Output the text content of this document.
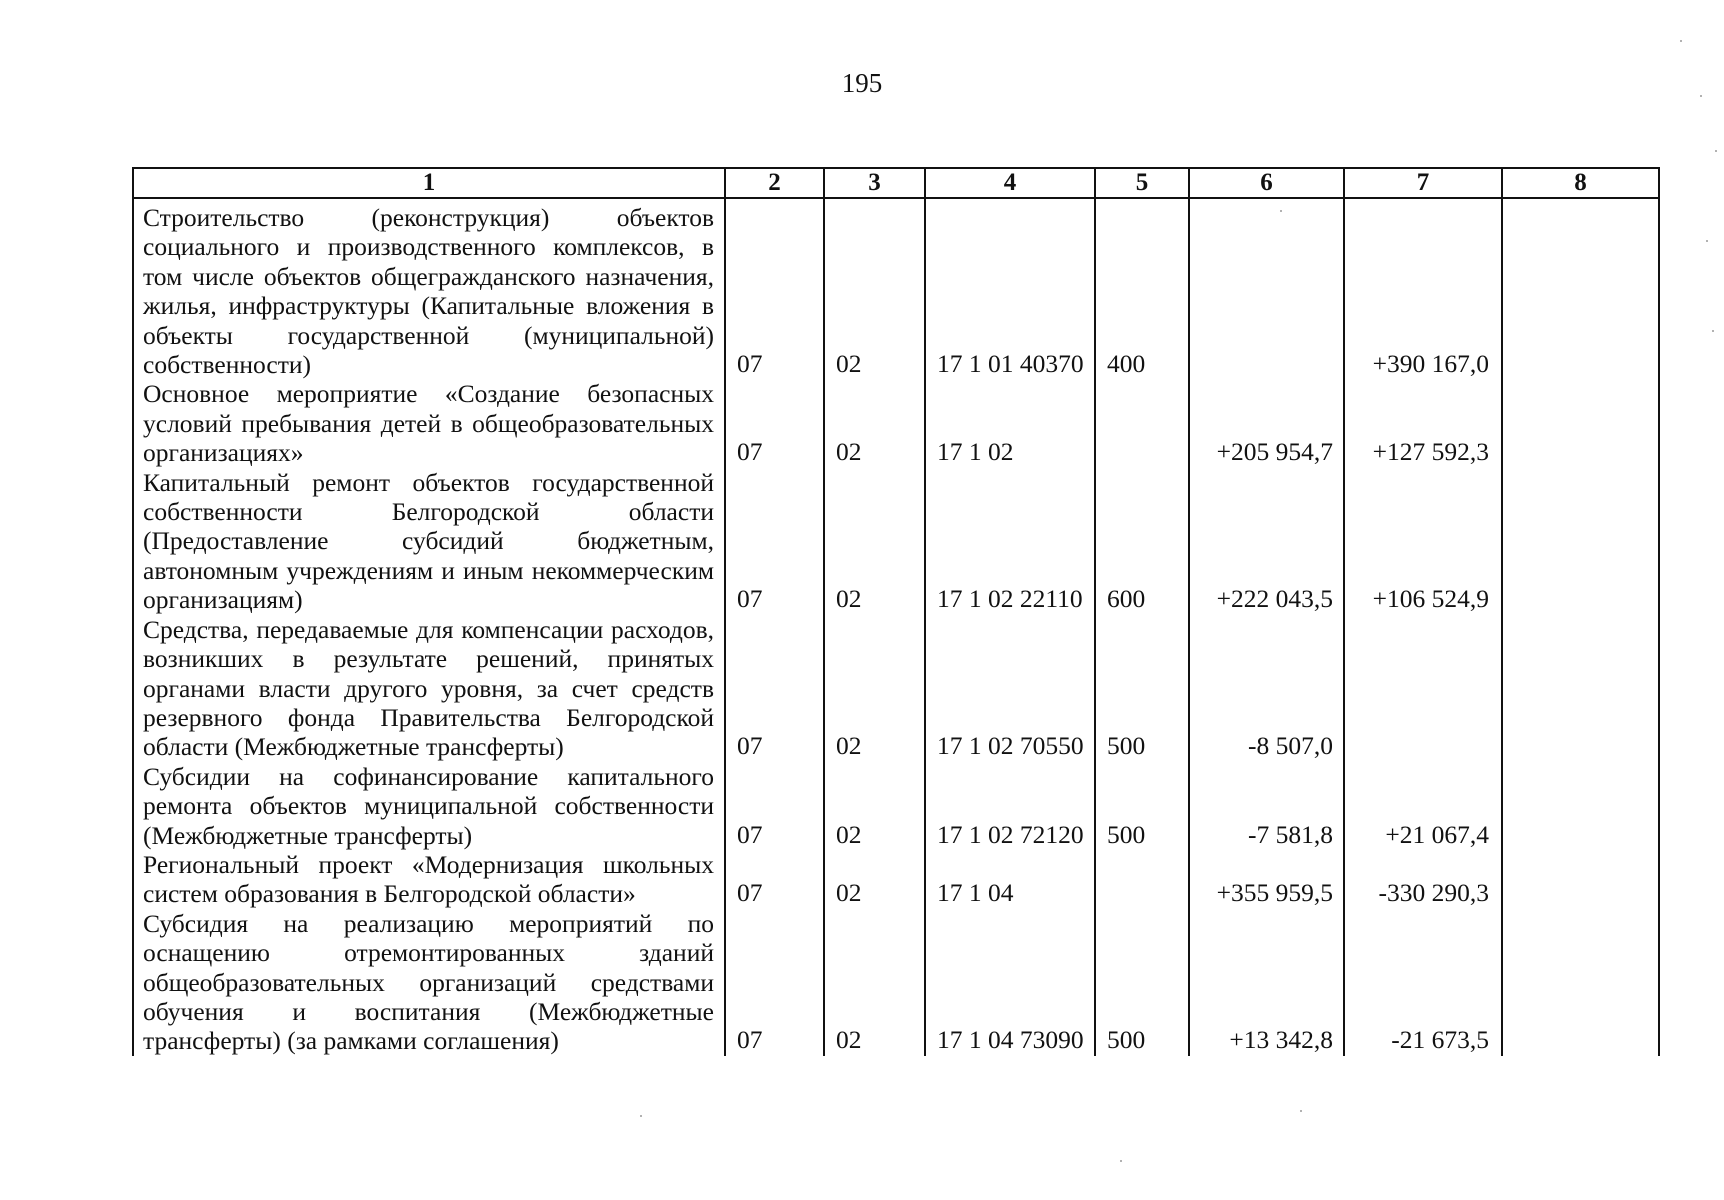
195
1	2	3	4	5	6	7	8
Строительство (реконструкция) объектов социального и производственного комплексов, в том числе объектов общегражданского назначения, жилья, инфраструктуры (Капитальные вложения в объекты государственной (муниципальной) собственности)	07	02	17 1 01 40370	400		+390 167,0	
Основное мероприятие «Создание безопасных условий пребывания детей в общеобразовательных организациях»	07	02	17 1 02		+205 954,7	+127 592,3	
Капитальный ремонт объектов государственной собственности Белгородской области (Предоставление субсидий бюджетным, автономным учреждениям и иным некоммерческим организациям)	07	02	17 1 02 22110	600	+222 043,5	+106 524,9	
Средства, передаваемые для компенсации расходов, возникших в результате решений, принятых органами власти другого уровня, за счет средств резервного фонда Правительства Белгородской области (Межбюджетные трансферты)	07	02	17 1 02 70550	500	-8 507,0		
Субсидии на софинансирование капитального ремонта объектов муниципальной собственности (Межбюджетные трансферты)	07	02	17 1 02 72120	500	-7 581,8	+21 067,4	
Региональный проект «Модернизация школьных систем образования в Белгородской области»	07	02	17 1 04		+355 959,5	-330 290,3	
Субсидия на реализацию мероприятий по оснащению отремонтированных зданий общеобразовательных организаций средствами обучения и воспитания (Межбюджетные трансферты) (за рамками соглашения)	07	02	17 1 04 73090	500	+13 342,8	-21 673,5	
